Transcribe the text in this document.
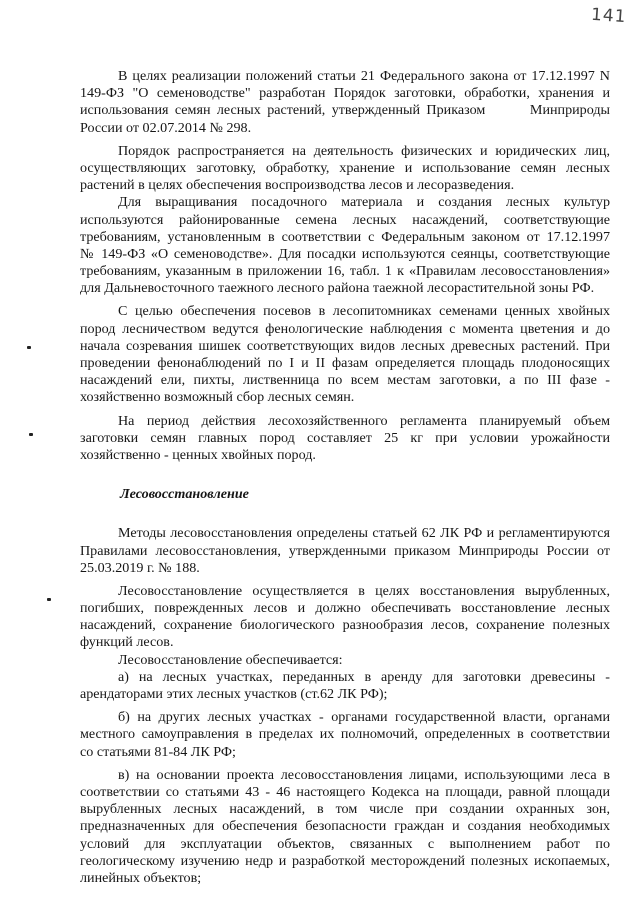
141
В целях реализации положений статьи 21 Федерального закона от 17.12.1997 N
149-ФЗ "О семеноводстве" разработан Порядок заготовки, обработки, хранения и
использования семян лесных растений, утвержденный Приказом       Минприроды
России от 02.07.2014 № 298.
Порядок распространяется на деятельность физических и юридических лиц,
осуществляющих заготовку, обработку, хранение и использование семян лесных
растений в целях обеспечения воспроизводства лесов и лесоразведения.
Для выращивания посадочного материала и создания лесных культур
используются районированные семена лесных насаждений, соответствующие
требованиям, установленным в соответствии с Федеральным законом от 17.12.1997
№ 149-ФЗ «О семеноводстве». Для посадки используются сеянцы, соответствующие
требованиям, указанным в приложении 16, табл. 1 к «Правилам лесовосстановления»
для Дальневосточного таежного лесного района таежной лесорастительной зоны РФ.
С целью обеспечения посевов в лесопитомниках семенами ценных хвойных
пород лесничеством ведутся фенологические наблюдения с момента цветения и до
начала созревания шишек соответствующих видов лесных древесных растений. При
проведении фенонаблюдений по I и II фазам определяется площадь плодоносящих
насаждений ели, пихты, лиственница по всем местам заготовки, а по III фазе -
хозяйственно возможный сбор лесных семян.
На период действия лесохозяйственного регламента планируемый объем
заготовки семян главных пород составляет 25 кг при условии урожайности
хозяйственно - ценных хвойных пород.
Лесовосстановление
Методы лесовосстановления определены статьей 62 ЛК РФ и регламентируются
Правилами лесовосстановления, утвержденными приказом Минприроды России от
25.03.2019 г. № 188.
Лесовосстановление осуществляется в целях восстановления вырубленных,
погибших, поврежденных лесов и должно обеспечивать восстановление лесных
насаждений, сохранение биологического разнообразия лесов, сохранение полезных
функций лесов.
Лесовосстановление обеспечивается:
а) на лесных участках, переданных в аренду для заготовки древесины -
арендаторами этих лесных участков (ст.62 ЛК РФ);
б) на других лесных участках - органами государственной власти, органами
местного самоуправления в пределах их полномочий, определенных в соответствии
со статьями 81-84 ЛК РФ;
в) на основании проекта лесовосстановления лицами, использующими леса в
соответствии со статьями 43 - 46 настоящего Кодекса на площади, равной площади
вырубленных лесных насаждений, в том числе при создании охранных зон,
предназначенных для обеспечения безопасности граждан и создания необходимых
условий для эксплуатации объектов, связанных с выполнением работ по
геологическому изучению недр и разработкой месторождений полезных ископаемых,
линейных объектов;
